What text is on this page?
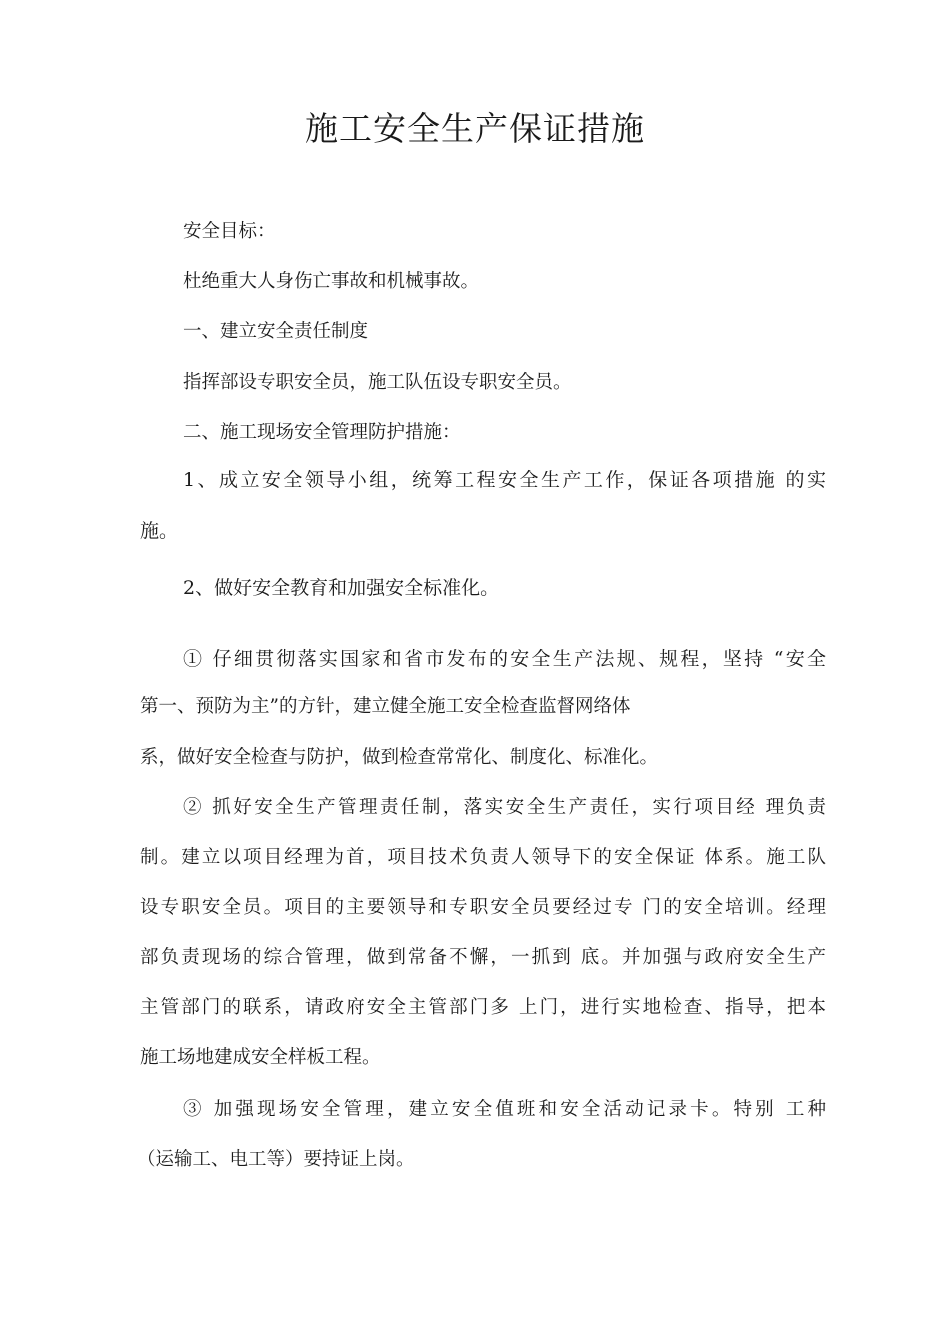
施工安全生产保证措施
安全目标：
杜绝重大人身伤亡事故和机械事故。
一、建立安全责任制度
指挥部设专职安全员，施工队伍设专职安全员。
二、施工现场安全管理防护措施：
1、成立安全领导小组，统筹工程安全生产工作，保证各项措施 的实
施。
2、做好安全教育和加强安全标准化。
① 仔细贯彻落实国家和省市发布的安全生产法规、规程，坚持 “安全
第一、预防为主”的方针，建立健全施工安全检查监督网络体
系，做好安全检查与防护，做到检查常常化、制度化、标准化。
② 抓好安全生产管理责任制，落实安全生产责任，实行项目经 理负责
制。建立以项目经理为首，项目技术负责人领导下的安全保证 体系。施工队
设专职安全员。项目的主要领导和专职安全员要经过专 门的安全培训。经理
部负责现场的综合管理，做到常备不懈，一抓到 底。并加强与政府安全生产
主管部门的联系，请政府安全主管部门多 上门，进行实地检查、指导，把本
施工场地建成安全样板工程。
③ 加强现场安全管理，建立安全值班和安全活动记录卡。特别 工种
（运输工、电工等）要持证上岗。
